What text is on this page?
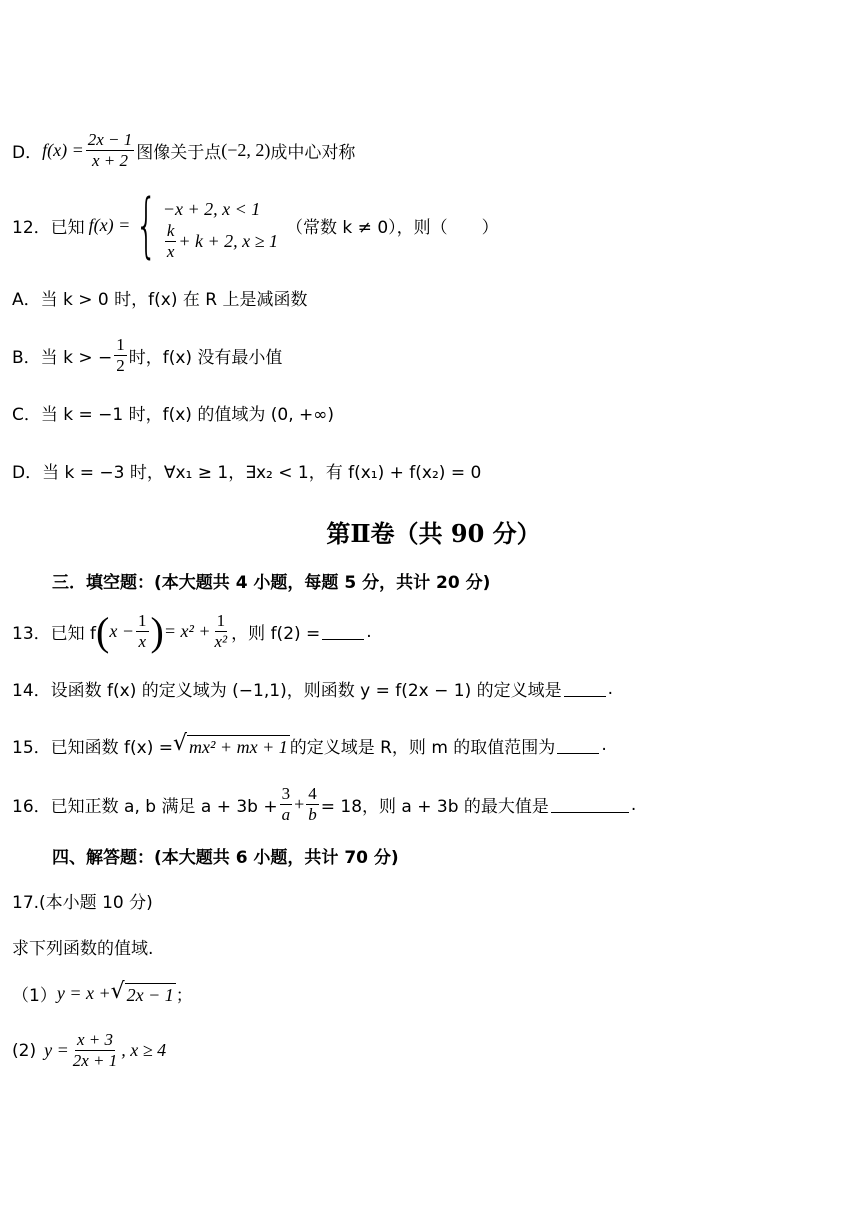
D． $f(x) = \frac{2x - 1}{x + 2}$ 图像关于点 (−2, 2) 成中心对称
12． 已知 f(x) = { −x + 2, x < 1
$\frac{k}{x} + k + 2$, x ≥ 1
（常数 k ≠ 0），则（　　）
A．当 k > 0 时，f(x) 在 R 上是减函数
B．当 k > − $\frac{1}{2}$ 时，f(x) 没有最小值
C．当 k = −1 时，f(x) 的值域为 (0, +∞)
D．当 k = −3 时，∀x₁ ≥ 1，∃x₂ < 1，有 f(x₁) + f(x₂) = 0
第Ⅱ卷（共 90 分）
三．填空题：(本大题共 4 小题，每题 5 分，共计 20 分)
13． 已知 f ( $x - \frac{1}{x}$ ) = $x^2 + \frac{1}{\text{x²}}$ ，则 f(2) =	.
14． 设函数 f(x) 的定义域为 (−1,1)，则函数 y = f(2x − 1) 的定义域是	.
15． 已知函数 f(x) = √ mx² + mx + 1 的定义域是 R，则 m 的取值范围为	.
16． 已知正数 a, b 满足 $a + 3b + \frac{3}{a} + \frac{4}{b} = 18$，则 a + 3b 的最大值是	.
四、解答题：(本大题共 6 小题，共计 70 分)
17.(本小题 10 分)
求下列函数的值域.
（1） y = x + √ 2x − 1 ；
(2) $y = \frac{x + 3}{2x + 1}$ , x ≥ 4
